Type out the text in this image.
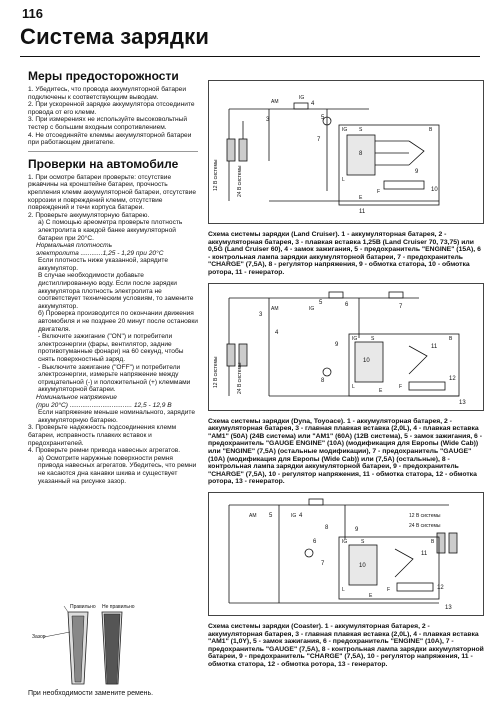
116
Система зарядки
Меры предосторожности

1. Убедитесь, что провода аккумуляторной батареи подключены к соответствующим выводам.

2. При ускоренной зарядке аккумулятора отсоедините провода от его клемм.

3. При измерениях не используйте высоковольтный тестер с большим входным сопротивлением.

4. Не отсоединяйте клеммы аккумуляторной батареи при работающем двигателе.

Проверки на автомобиле

1. При осмотре батареи проверьте: отсутствие ржавчины на кронштейне батареи, прочность крепления клемм аккумуляторной батареи, отсутствие коррозии и повреждений клемм, отсутствие повреждений и течи корпуса батареи.

2. Проверьте аккумуляторную батарею.

а) С помощью ареометра проверьте плотность электролита в каждой банке аккумуляторной батареи при 20°С.

Нормальная плотность

электролита ............1,25 - 1,29 при 20°С

Если плотность ниже указанной, зарядите аккумулятор.

В случае необходимости добавьте дистиллированную воду. Если после зарядки аккумулятора плотность электролита не соответствует техническим условиям, то замените аккумулятор.

б) Проверка производится по окончании движения автомобиля и не позднее 20 минут после остановки двигателя.

- Включите зажигание ("ON") и потребители электроэнергии (фары, вентилятор, задние противотуманные фонари) на 60 секунд, чтобы снять поверхностный заряд.

- Выключите зажигание ("OFF") и потребители электроэнергии, измерьте напряжение между отрицательной (-) и положительной (+) клеммами аккумуляторной батареи.

Номинальное напряжение

(при 20°С) .................................. 12,5 - 12,9 В

Если напряжение меньше номинального, зарядите аккумуляторную батарею.

3. Проверьте надежность подсоединения клемм батареи, исправность плавких вставок и предохранителей.

4. Проверьте ремни привода навесных агрегатов.

а) Осмотрите наружные поверхности ремня привода навесных агрегатов. Убедитесь, что ремни не касаются дна канавки шкива и существует указанный на рисунке зазор.

Правильно Не правильно
Зазор
При необходимости замените ремень.
AM
IG
IG
L
S
F
E
B
12 В системы	24 В системы
3
4
5
7
8
9
10
11
Схема системы зарядки (Land Cruiser). 1 - аккумуляторная батарея, 2 - аккумуляторная батарея, 3 - плавкая вставка 1,25В (Land Cruiser 70, 73,75) или 0,5G (Land Cruiser 60), 4 - замок зажигания, 5 - предохранитель "ENGINE" (15А), 6 - контрольная лампа зарядки аккумуляторной батареи, 7 - предохранитель "CHARGE" (7,5А), 8 - регулятор напряжения, 9 - обмотка статора, 10 - обмотка ротора, 11 - генератор.
AM	IG
IG
L
S
F
E
B
12 В системы	24 В системы
3
4
5	6	7
8
9
10
11
12
13
Схема системы зарядки (Dyna, Toyoace). 1 - аккумуляторная батарея, 2 - аккумуляторная батарея, 3 - главная плавкая вставка (2,0L), 4 - плавкая вставка "AM1" (50А) (24В система) или "AM1" (60А) (12В система), 5 - замок зажигания, 6 - предохранитель "GAUGE ENGINE" (10А) (модификация для Европы (Wide Cab)) или "ENGINE" (7,5А) (остальные модификации), 7 - предохранитель "GAUGE" (10А) (модификация для Европы (Wide Cab)) или (7,5А) (остальные), 8 - контрольная лампа зарядки аккумуляторной батареи, 9 - предохранитель "CHARGE" (7,5А), 10 - регулятор напряжения, 11 - обмотка статора, 12 - обмотка ротора, 13 - генератор.
AM	IG
IG
L
S
F
E
B
12 В системы
24 В системы
4
5
6
7
8	9
10
11
12
13
Схема системы зарядки (Coaster). 1 - аккумуляторная батарея, 2 - аккумуляторная батарея, 3 - главная плавкая вставка (2,0L), 4 - плавкая вставка "AM1" (1,0Y), 5 - замок зажигания, 6 - предохранитель "ENGINE" (10А), 7 - предохранитель "GAUGE" (7,5А), 8 - контрольная лампа зарядки аккумуляторной батареи, 9 - предохранитель "CHARGE" (7,5А), 10 - регулятор напряжения, 11 - обмотка статора, 12 - обмотка ротора, 13 - генератор.
